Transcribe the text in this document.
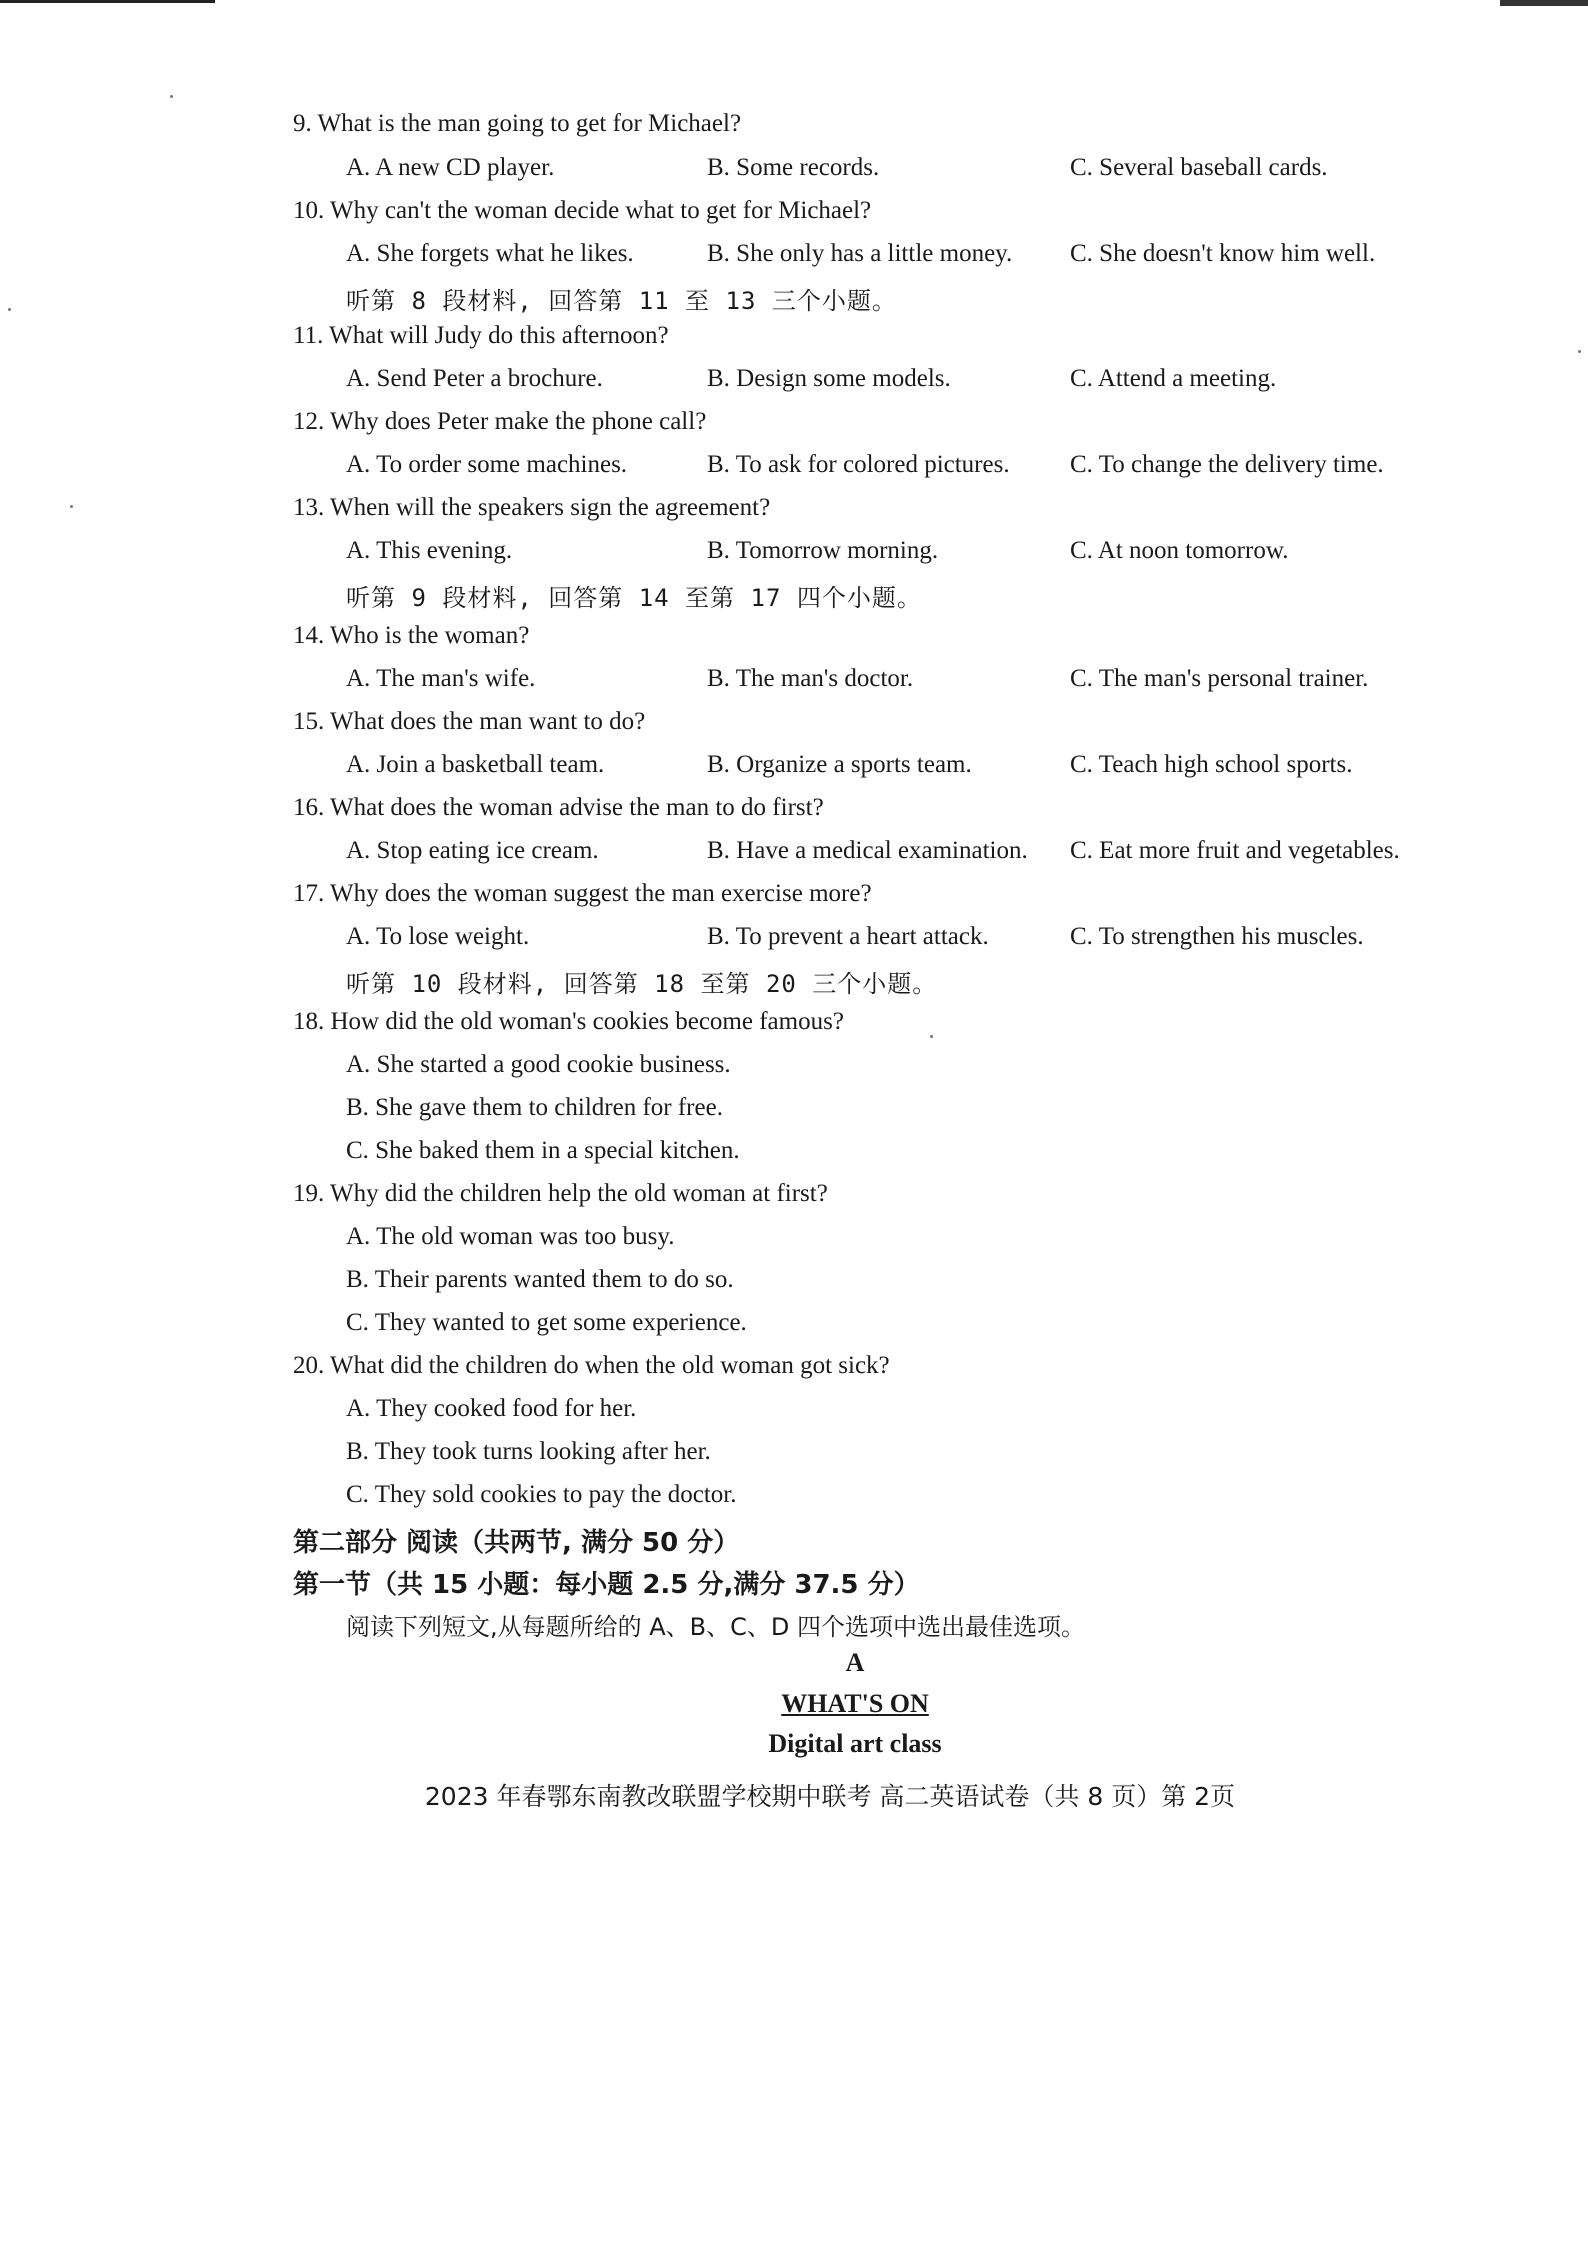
9. What is the man going to get for Michael?
A. A new CD player.	B. Some records.	C. Several baseball cards.
10. Why can't the woman decide what to get for Michael?
A. She forgets what he likes.	B. She only has a little money. C. She doesn't know him well.
听第 8 段材料, 回答第 11 至 13 三个小题。
11. What will Judy do this afternoon?
A. Send Peter a brochure.	B. Design some models.	C. Attend a meeting.
12. Why does Peter make the phone call?
A. To order some machines.	B. To ask for colored pictures. C. To change the delivery time.
13. When will the speakers sign the agreement?
A. This evening.	B. Tomorrow morning.	C. At noon tomorrow.
听第 9 段材料, 回答第 14 至第 17 四个小题。
14. Who is the woman?
A. The man's wife.	B. The man's doctor.	C. The man's personal trainer.
15. What does the man want to do?
A. Join a basketball team.	B. Organize a sports team.	C. Teach high school sports.
16. What does the woman advise the man to do first?
A. Stop eating ice cream.	B. Have a medical examination. C. Eat more fruit and vegetables.
17. Why does the woman suggest the man exercise more?
A. To lose weight.	B. To prevent a heart attack.	C. To strengthen his muscles.
听第 10 段材料, 回答第 18 至第 20 三个小题。
18. How did the old woman's cookies become famous?
A. She started a good cookie business.
B. She gave them to children for free.
C. She baked them in a special kitchen.
19. Why did the children help the old woman at first?
A. The old woman was too busy.
B. Their parents wanted them to do so.
C. They wanted to get some experience.
20. What did the children do when the old woman got sick?
A. They cooked food for her.
B. They took turns looking after her.
C. They sold cookies to pay the doctor.
第二部分 阅读（共两节, 满分 50 分）
第一节（共 15 小题：每小题 2.5 分,满分 37.5 分）
阅读下列短文,从每题所给的 A、B、C、D 四个选项中选出最佳选项。
A
WHAT'S ON
Digital art class
2023 年春鄂东南教改联盟学校期中联考 高二英语试卷（共 8 页）第 2页
